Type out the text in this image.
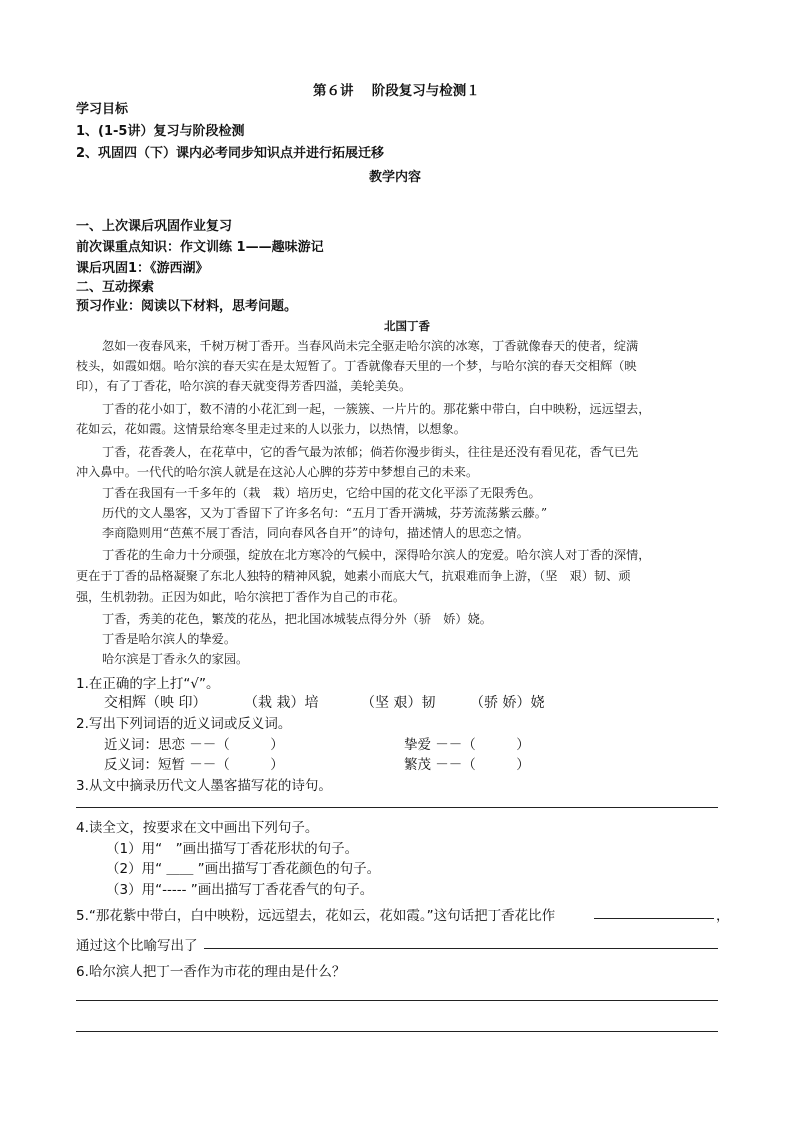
第６讲　 阶段复习与检测１
学习目标
1、(1-5讲）复习与阶段检测
2、巩固四（下）课内必考同步知识点并进行拓展迁移
教学内容
一、上次课后巩固作业复习
前次课重点知识：作文训练 1——趣味游记
课后巩固1：《游西湖》
二、互动探索
预习作业：阅读以下材料，思考问题。
北国丁香
忽如一夜春风来，千树万树丁香开。当春风尚未完全驱走哈尔滨的冰寒，丁香就像春天的使者，绽满
枝头，如霞如烟。哈尔滨的春天实在是太短暂了。丁香就像春天里的一个梦，与哈尔滨的春天交相辉（映
印），有了丁香花，哈尔滨的春天就变得芳香四溢，美轮美奂。
丁香的花小如丁，数不清的小花汇到一起，一簇簇、一片片的。那花紫中带白，白中映粉，远远望去，
花如云，花如霞。这情景给寒冬里走过来的人以张力，以热情，以想象。
丁香，花香袭人，在花草中，它的香气最为浓郁；倘若你漫步街头，往往是还没有看见花，香气已先
冲入鼻中。一代代的哈尔滨人就是在这沁人心脾的芬芳中梦想自己的未来。
丁香在我国有一千多年的（栽　栽）培历史，它给中国的花文化平添了无限秀色。
历代的文人墨客，又为丁香留下了许多名句：“五月丁香开满城，芬芳流荡紫云藤。”
李商隐则用“芭蕉不展丁香洁，同向春风各自开”的诗句，描述情人的思恋之情。
丁香花的生命力十分顽强，绽放在北方寒冷的气候中，深得哈尔滨人的宠爱。哈尔滨人对丁香的深情，
更在于丁香的品格凝聚了东北人独特的精神风貌，她素小而底大气，抗艰难而争上游，（坚　艰）韧、顽
强，生机勃勃。正因为如此，哈尔滨把丁香作为自己的市花。
丁香，秀美的花色，繁茂的花丛，把北国冰城装点得分外（骄　娇）娆。
丁香是哈尔滨人的挚爱。
哈尔滨是丁香永久的家园。
1.在正确的字上打“√”。
交相辉（映 印）	（栽 栽）培	（坚 艰）韧 （骄 娇）娆
2.写出下列词语的近义词或反义词。
近义词：思恋 －－（　　　）	挚爱 －－（　　　）
反义词：短暂 －－（　　　）	繁茂 －－（　　　）
3.从文中摘录历代文人墨客描写花的诗句。
4.读全文，按要求在文中画出下列句子。
（1）用“　”画出描写丁香花形状的句子。
（2）用“ ＿＿ ”画出描写丁香花颜色的句子。
（3）用“----- ”画出描写丁香花香气的句子。
5.“那花紫中带白，白中映粉，远远望去，花如云，花如霞。”这句话把丁香花比作	，
通过这个比喻写出了
6.哈尔滨人把丁一香作为市花的理由是什么？
